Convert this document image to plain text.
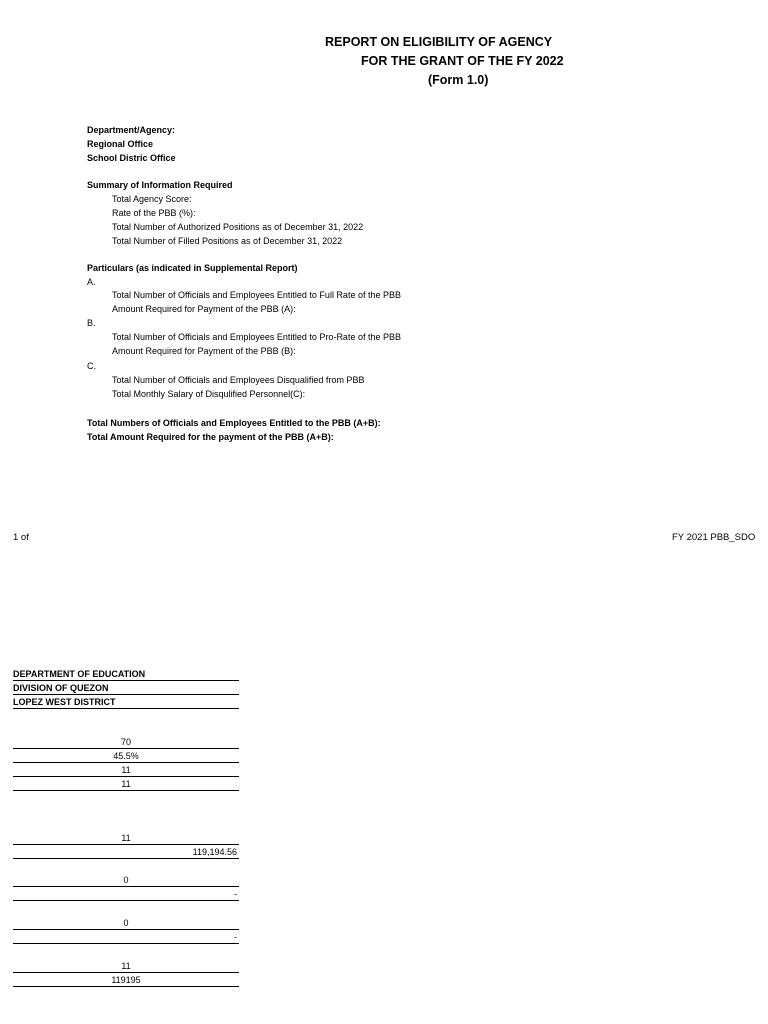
REPORT ON ELIGIBILITY OF AGENCY
FOR THE GRANT OF THE FY 2022
(Form 1.0)
Department/Agency:
Regional Office
School Distric Office
Summary of Information Required
Total Agency Score:
Rate of the PBB (%):
Total Number of Authorized Positions as of December 31, 2022
Total Number of Filled Positions as of December 31, 2022
Particulars (as indicated in Supplemental Report)
A.
Total Number of Officials and Employees Entitled to Full Rate of the PBB
Amount Required for Payment of the PBB (A):
B.
Total Number of Officials and Employees Entitled to Pro-Rate of the PBB
Amount Required for Payment of the PBB (B):
C.
Total Number of Officials and Employees Disqualified from PBB
Total Monthly Salary of Disqulified Personnel(C):
Total Numbers of Officials and Employees Entitled to the PBB (A+B):
Total Amount Required for the payment of the PBB (A+B):
1 of	FY 2021 PBB_SDO
DEPARTMENT OF EDUCATION
DIVISION OF QUEZON
LOPEZ WEST DISTRICT
70
45.5%
11
11
11
119,194.56
0
-
0
-
11
119195
